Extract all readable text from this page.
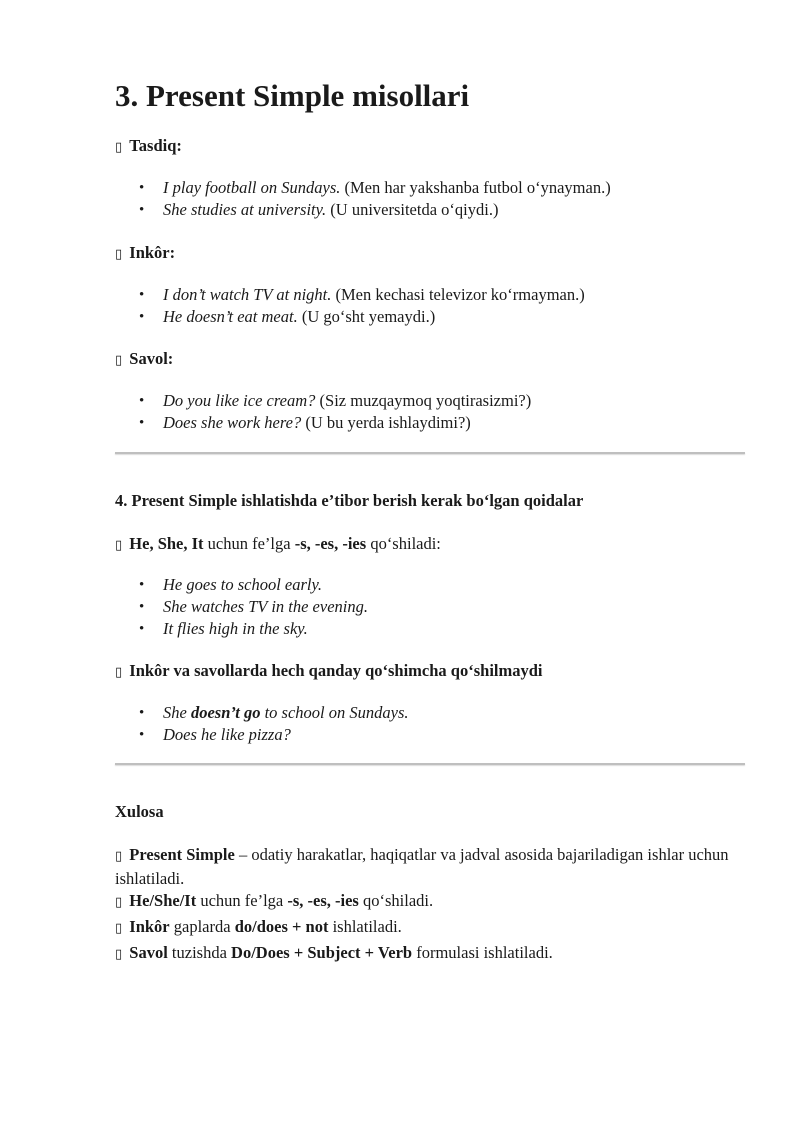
3. Present Simple misollari
▯ Tasdiq:
• I play football on Sundays. (Men har yakshanba futbol o‘ynayman.)
• She studies at university. (U universitetda o‘qiydi.)
▯ Inkôr:
• I don’t watch TV at night. (Men kechasi televizor ko‘rmayman.)
• He doesn’t eat meat. (U go‘sht yemaydi.)
▯ Savol:
• Do you like ice cream? (Siz muzqaymoq yoqtirasizmi?)
• Does she work here? (U bu yerda ishlaydimi?)
4. Present Simple ishlatishda e’tibor berish kerak bo‘lgan qoidalar
▯ He, She, It uchun fe’lga -s, -es, -ies qo‘shiladi:
• He goes to school early.
• She watches TV in the evening.
• It flies high in the sky.
▯ Inkôr va savollarda hech qanday qo‘shimcha qo‘shilmaydi
• She doesn’t go to school on Sundays.
• Does he like pizza?
Xulosa
▯ Present Simple – odatiy harakatlar, haqiqatlar va jadval asosida bajariladigan ishlar uchun ishlatiladi.
▯ He/She/It uchun fe’lga -s, -es, -ies qo‘shiladi.
▯ Inkôr gaplarda do/does + not ishlatiladi.
▯ Savol tuzishda Do/Does + Subject + Verb formulasi ishlatiladi.
